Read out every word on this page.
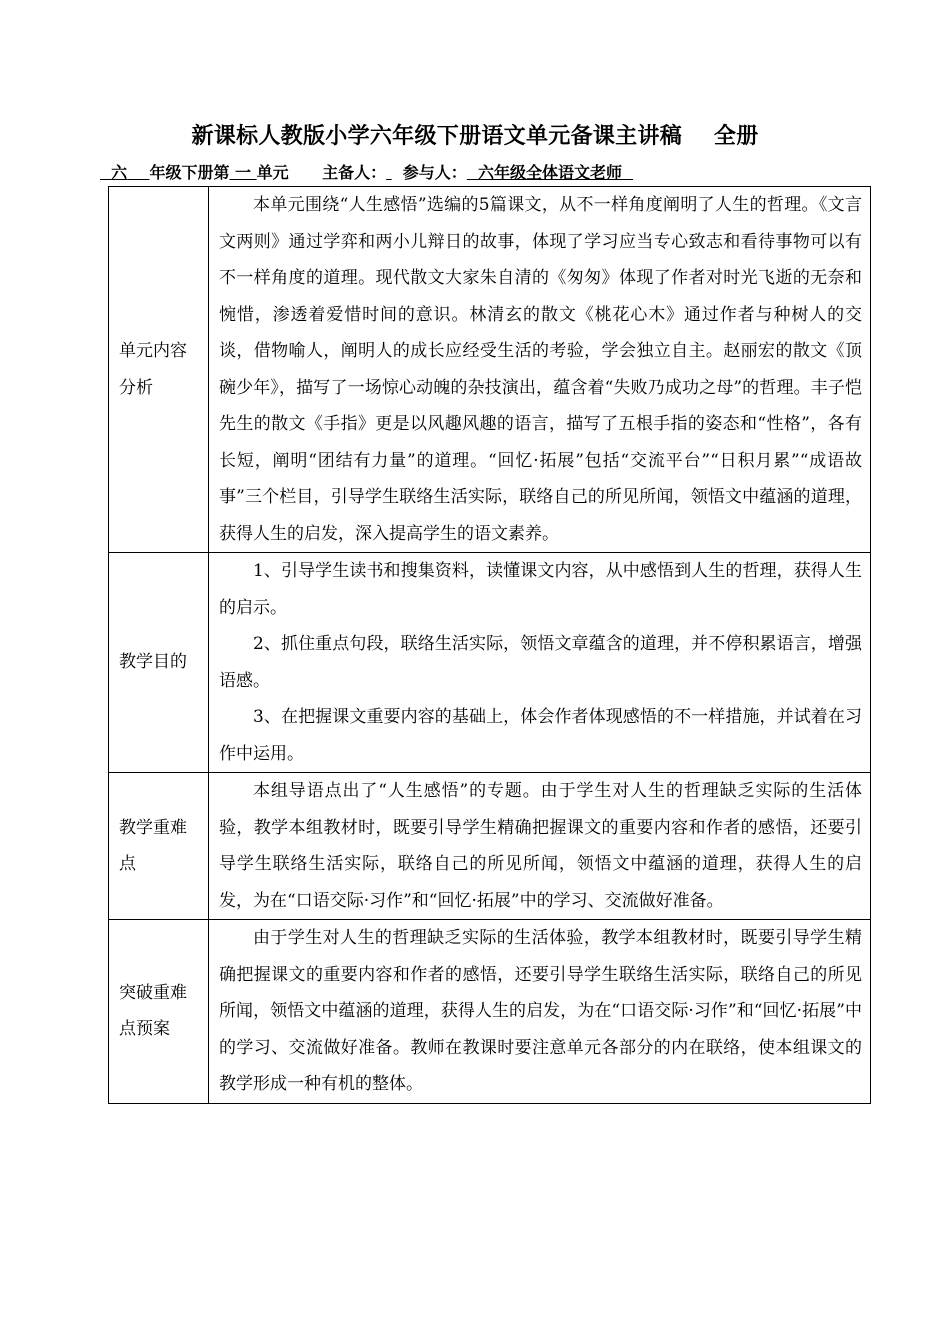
新课标人教版小学六年级下册语文单元备课主讲稿    全册
六 年级下册第 一 单元 主备人： 参与人： 六年级全体语文老师
单元内容分析	本单元围绕“人生感悟”选编的5篇课文，从不一样角度阐明了人生的哲理。《文言文两则》通过学弈和两小儿辩日的故事，体现了学习应当专心致志和看待事物可以有不一样角度的道理。现代散文大家朱自清的《匆匆》体现了作者对时光飞逝的无奈和惋惜，渗透着爱惜时间的意识。林清玄的散文《桃花心木》通过作者与种树人的交谈，借物喻人，阐明人的成长应经受生活的考验，学会独立自主。赵丽宏的散文《顶碗少年》，描写了一场惊心动魄的杂技演出，蕴含着“失败乃成功之母”的哲理。丰子恺先生的散文《手指》更是以风趣风趣的语言，描写了五根手指的姿态和“性格”，各有长短，阐明“团结有力量”的道理。“回忆·拓展”包括“交流平台”“日积月累”“成语故事”三个栏目，引导学生联络生活实际，联络自己的所见所闻，领悟文中蕴涵的道理，获得人生的启发，深入提高学生的语文素养。

教学目的	1、引导学生读书和搜集资料，读懂课文内容，从中感悟到人生的哲理，获得人生的启示。

2、抓住重点句段，联络生活实际，领悟文章蕴含的道理，并不停积累语言，增强语感。

3、在把握课文重要内容的基础上，体会作者体现感悟的不一样措施，并试着在习作中运用。

教学重难点	本组导语点出了“人生感悟”的专题。由于学生对人生的哲理缺乏实际的生活体验，教学本组教材时，既要引导学生精确把握课文的重要内容和作者的感悟，还要引导学生联络生活实际，联络自己的所见所闻，领悟文中蕴涵的道理，获得人生的启发，为在“口语交际·习作”和“回忆·拓展”中的学习、交流做好准备。

突破重难点预案	由于学生对人生的哲理缺乏实际的生活体验，教学本组教材时，既要引导学生精确把握课文的重要内容和作者的感悟，还要引导学生联络生活实际，联络自己的所见所闻，领悟文中蕴涵的道理，获得人生的启发，为在“口语交际·习作”和“回忆·拓展”中的学习、交流做好准备。教师在教课时要注意单元各部分的内在联络，使本组课文的教学形成一种有机的整体。
